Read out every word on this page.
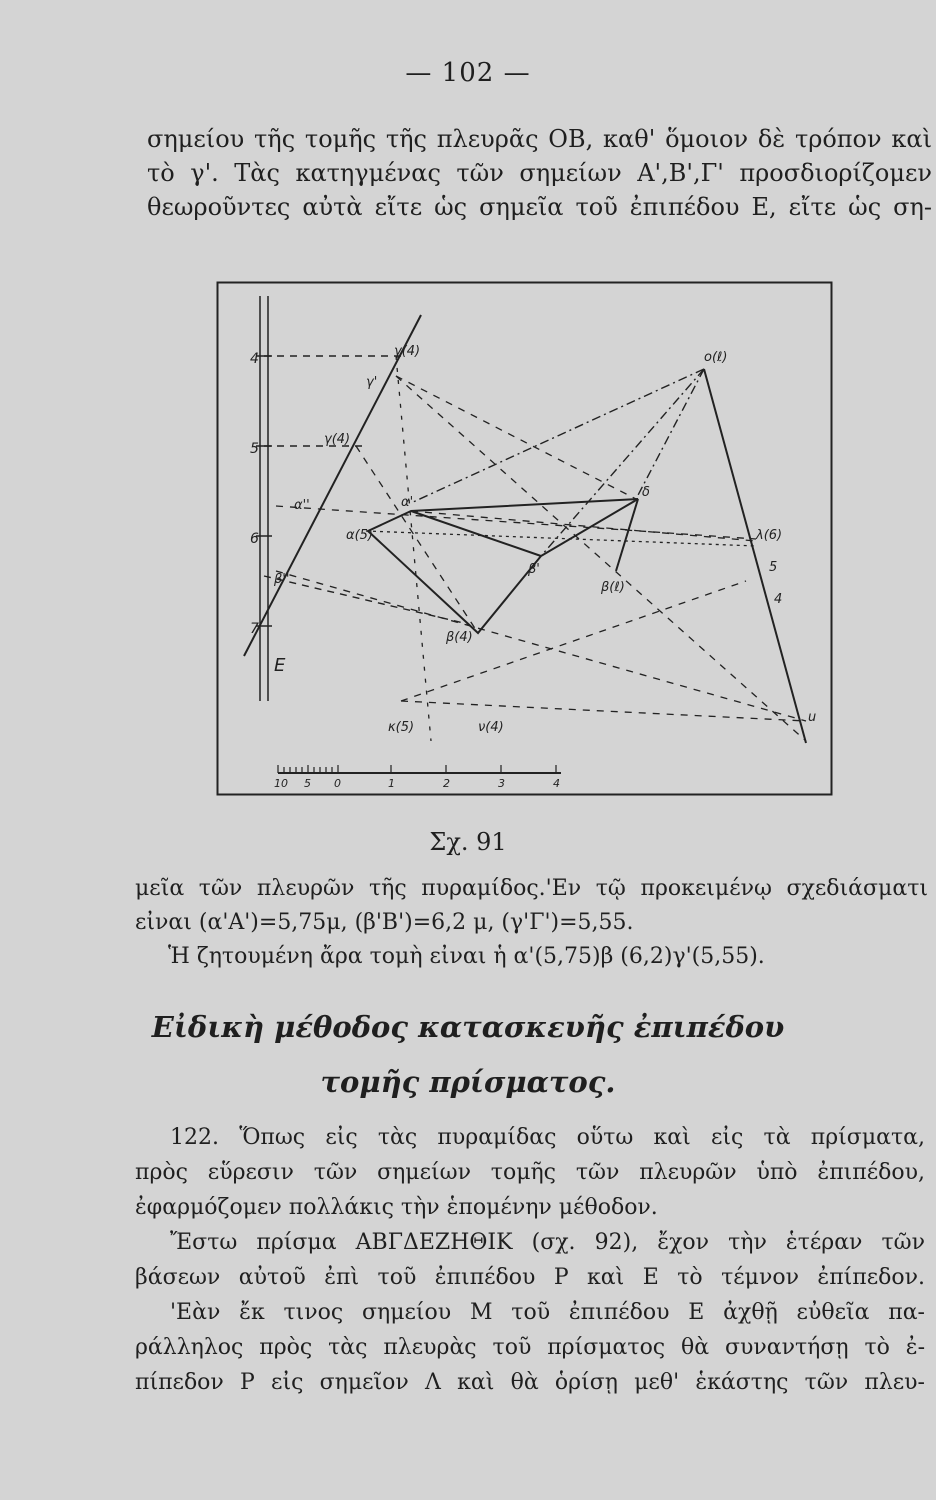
— 102 —
σημείου τῆς τομῆς τῆς πλευρᾶς ΟΒ, καθ' ὅμοιον δὲ τρόπον καὶ
τὸ γ'. Τὰς κατηγμένας τῶν σημείων Α',Β',Γ' προσδιορίζομεν
θεωροῦντες αὐτὰ εἴτε ὡς σημεῖα τοῦ ἐπιπέδου Ε, εἴτε ὡς ση-
4
5
6
7
E
ο(ℓ)
γ(4)
γ'
γ(4)
α''	α'
α(5)
β''
β'
β(ℓ)
β(4)
δ
λ(6)
5
4
κ(5)	ν(4)
u
10 5 0	1	2	3	4
Σχ. 91
μεῖα τῶν πλευρῶν τῆς πυραμίδος.'Εν τῷ προκειμένῳ σχεδιάσματι
εἶναι (α'Α')=5,75μ, (β'Β')=6,2 μ, (γ'Γ')=5,55.
Ἡ ζητουμένη ἄρα τομὴ εἶναι ἡ α'(5,75)β (6,2)γ'(5,55).
Εἰδικὴ μέθοδος κατασκευῆς ἐπιπέδου
τομῆς πρίσματος.
122. Ὅπως εἰς τὰς πυραμίδας οὕτω καὶ εἰς τὰ πρίσματα,
πρὸς εὕρεσιν τῶν σημείων τομῆς τῶν πλευρῶν ὑπὸ ἐπιπέδου,
ἐφαρμόζομεν πολλάκις τὴν ἑπομένην μέθοδον.
Ἔστω πρίσμα ΑΒΓΔΕΖΗΘΙΚ (σχ. 92), ἔχον τὴν ἑτέραν τῶν
βάσεων αὐτοῦ ἐπὶ τοῦ ἐπιπέδου Ρ καὶ Ε τὸ τέμνον ἐπίπεδον.
'Εὰν ἔκ τινος σημείου Μ τοῦ ἐπιπέδου Ε ἀχθῇ εὐθεῖα πα-
ράλληλος πρὸς τὰς πλευρὰς τοῦ πρίσματος θὰ συναντήσῃ τὸ ἐ-
πίπεδον Ρ εἰς σημεῖον Λ καὶ θὰ ὁρίσῃ μεθ' ἑκάστης τῶν πλευ-
